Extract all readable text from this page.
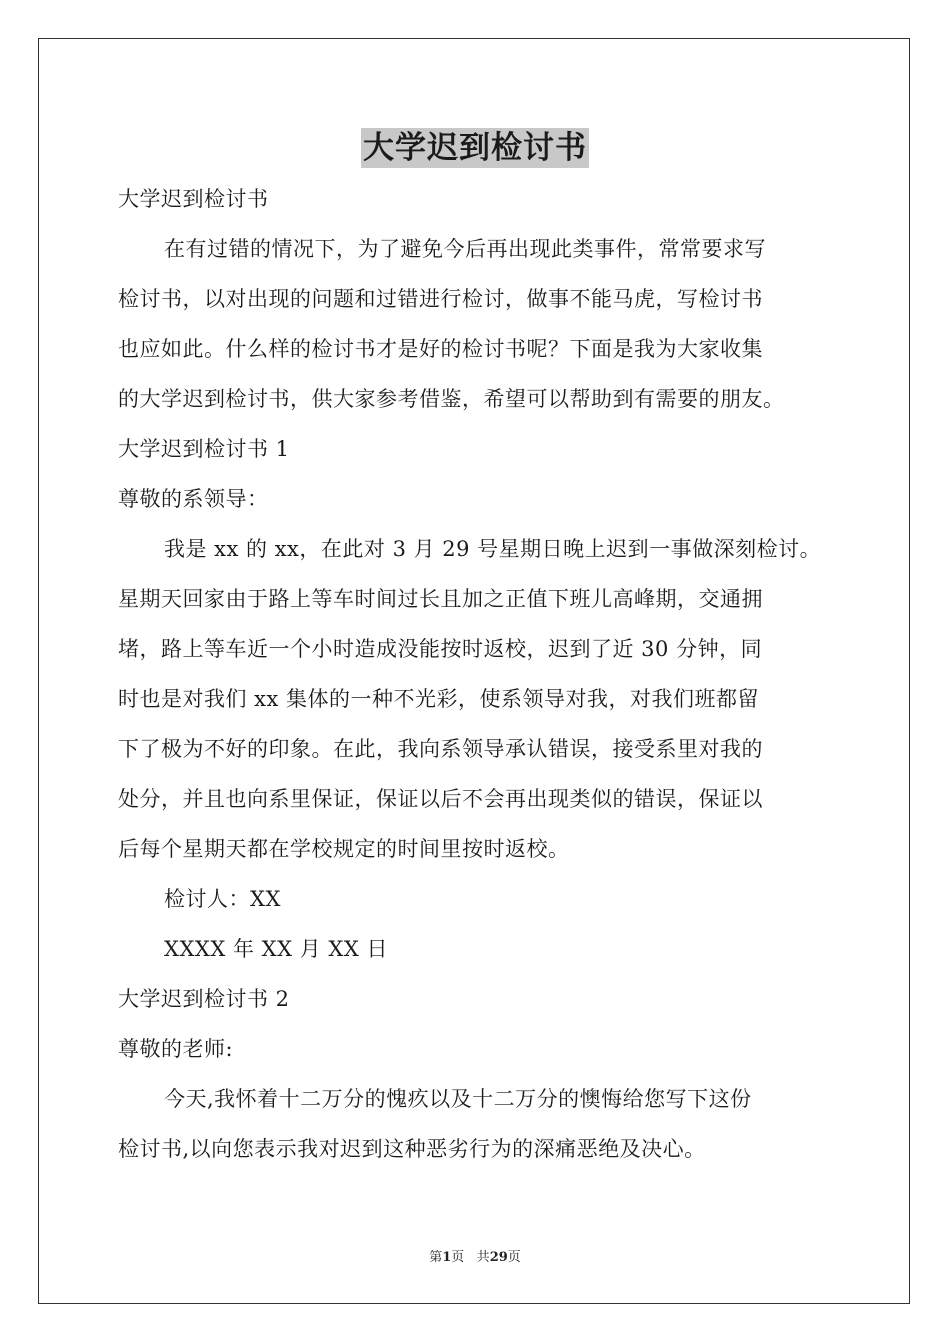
大学迟到检讨书
大学迟到检讨书
在有过错的情况下，为了避免今后再出现此类事件，常常要求写
检讨书，以对出现的问题和过错进行检讨，做事不能马虎，写检讨书
也应如此。什么样的检讨书才是好的检讨书呢？下面是我为大家收集
的大学迟到检讨书，供大家参考借鉴，希望可以帮助到有需要的朋友。
大学迟到检讨书 1
尊敬的系领导：
我是 xx 的 xx，在此对 3 月 29 号星期日晚上迟到一事做深刻检讨。
星期天回家由于路上等车时间过长且加之正值下班儿高峰期，交通拥
堵，路上等车近一个小时造成没能按时返校，迟到了近 30 分钟，同
时也是对我们 xx 集体的一种不光彩，使系领导对我，对我们班都留
下了极为不好的印象。在此，我向系领导承认错误，接受系里对我的
处分，并且也向系里保证，保证以后不会再出现类似的错误，保证以
后每个星期天都在学校规定的时间里按时返校。
检讨人：XX
XXXX 年 XX 月 XX 日
大学迟到检讨书 2
尊敬的老师:
今天,我怀着十二万分的愧疚以及十二万分的懊悔给您写下这份
检讨书,以向您表示我对迟到这种恶劣行为的深痛恶绝及决心。
第1页 共29页
